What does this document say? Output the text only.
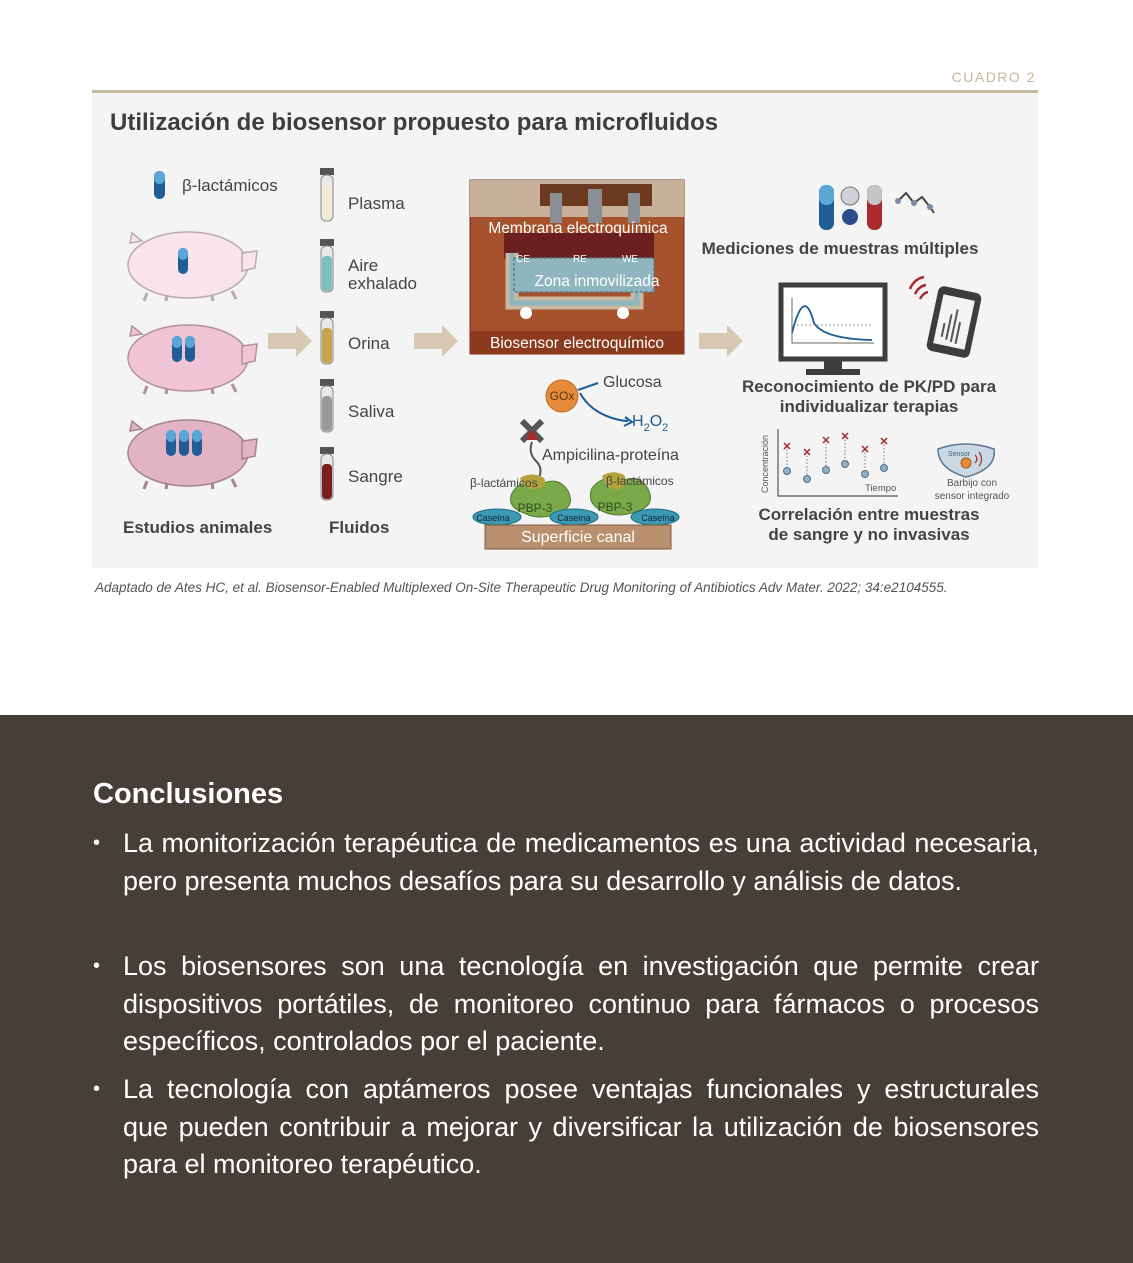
CUADRO 2
β-lactámicos
Estudios animales
Plasma
Aire exhalado
Orina
Saliva
Sangre
Fluidos
Membrana electroquímica
CE	RE	WE
Zona inmovilizada
Biosensor electroquímico
GOx
Glucosa
$H_2O_2$
Ampicilina-proteína
β-lactámicos	β-lactámicos
PBP-3	PBP-3
Caseína	Caseína	Caseína
Superficie canal
Mediciones de muestras múltiples
Reconocimiento de PK/PD para
individualizar terapias
Concentración	Tiempo
Sensor
Barbijo con
sensor integrado
Correlación entre muestras
de sangre y no invasivas
Utilización de biosensor propuesto para microfluidos
Adaptado de Ates HC, et al. Biosensor-Enabled Multiplexed On-Site Therapeutic Drug Monitoring of Antibiotics Adv Mater. 2022; 34:e2104555.
Conclusiones
• La monitorización terapéutica de medicamentos es una actividad necesaria, pero presenta muchos desafíos para su desarrollo y análisis de datos.
• Los biosensores son una tecnología en investigación que permite crear dispositivos portátiles, de monitoreo continuo para fármacos o procesos específicos, controlados por el paciente.
• La tecnología con aptámeros posee ventajas funcionales y estructurales que pueden contribuir a mejorar y diversificar la utilización de biosensores para el monitoreo terapéutico.
